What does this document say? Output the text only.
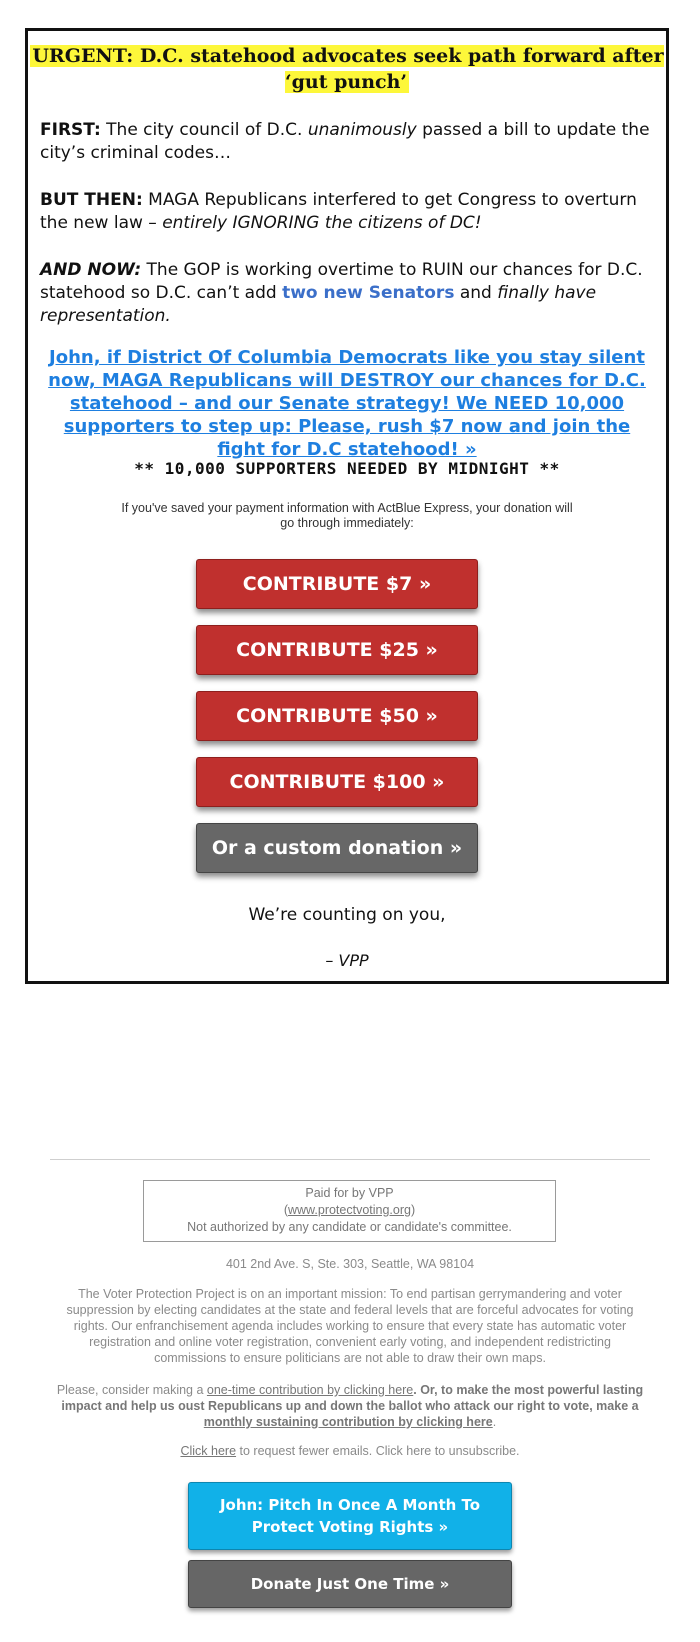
URGENT: D.C. statehood advocates seek path forward after ‘gut punch’
FIRST: The city council of D.C. unanimously passed a bill to update the city’s criminal codes…
BUT THEN: MAGA Republicans interfered to get Congress to overturn the new law – entirely IGNORING the citizens of DC!
AND NOW: The GOP is working overtime to RUIN our chances for D.C. statehood so D.C. can’t add two new Senators and finally have representation.
John, if District Of Columbia Democrats like you stay silent now, MAGA Republicans will DESTROY our chances for D.C. statehood – and our Senate strategy! We NEED 10,000 supporters to step up: Please, rush $7 now and join the fight for D.C statehood! »
** 10,000 SUPPORTERS NEEDED BY MIDNIGHT **
If you've saved your payment information with ActBlue Express, your donation will go through immediately:
CONTRIBUTE $7 »
CONTRIBUTE $25 »
CONTRIBUTE $50 »
CONTRIBUTE $100 »
Or a custom donation »
We’re counting on you,
– VPP
Paid for by VPP
(www.protectvoting.org)
Not authorized by any candidate or candidate's committee.
401 2nd Ave. S, Ste. 303, Seattle, WA 98104
The Voter Protection Project is on an important mission: To end partisan gerrymandering and voter suppression by electing candidates at the state and federal levels that are forceful advocates for voting rights. Our enfranchisement agenda includes working to ensure that every state has automatic voter registration and online voter registration, convenient early voting, and independent redistricting commissions to ensure politicians are not able to draw their own maps.
Please, consider making a one-time contribution by clicking here. Or, to make the most powerful lasting impact and help us oust Republicans up and down the ballot who attack our right to vote, make a monthly sustaining contribution by clicking here.
Click here to request fewer emails. Click here to unsubscribe.
John: Pitch In Once A Month To Protect Voting Rights »
Donate Just One Time »
